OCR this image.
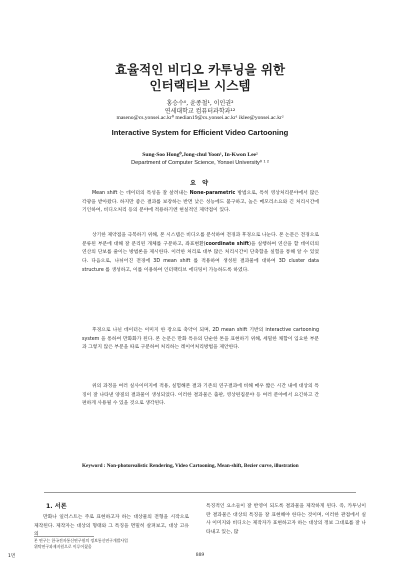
효율적인 비디오 카투닝을 위한
인터랙티브 시스템
홍승수⁰, 윤종철¹, 이인권²
연세대학교 컴퓨터과학과¹²
maseno@cs.yonsei.ac.kr⁰ median19@cs.yonsei.ac.kr¹ iklee@yonsei.ac.kr²
Interactive System for Efficient Video Cartooning
Sung-Soo Hong⁰,Jong-chul Yoon¹, In-Kwon Lee²
Department of Computer Science, Yonsei University⁰ ¹ ²
요 약

Mean shift 는 데이터의 특성을 잘 살려내는 None-parametric 방법으로, 특히 영상처리분야에서 많은 각광을 받아왔다. 하지만 좋은 결과를 보장하는 반면 낮은 성능에도 불구하고, 높은 메모리소요와 긴 처리시간에 기인하여, 비디오처리 등의 분야에 적용하기엔 현실적인 제약점이 있다.

상기한 제약점을 극복하기 위해, 본 시스템은 비디오를 분석하여 전경과 후경으로 나눈다. 본 논문은 전경으로 분류된 부분에 대해 잘 분리된 개체를 구분하고, 좌표변환(coordinate shift)을 실행하여 연산을 할 데이터의 연산의 단보를 줄이는 방법론을 제시한다. 이러한 처리로 대부 많은 처리시간이 단축함을 실험을 통해 알 수 있었다. 다음으로, 나뉘어진 전경에 3D mean shift 를 적용하여 생성된 결과물에 대하여 3D cluster data structure 를 생성하고, 이를 이용하여 인터랙티브 에디팅이 가능하도록 하였다.

후경으로 나뉜 데이터는 이미지 한 장으로 축약이 되며, 2D mean shift 기반의 interactive cartooning system 을 통하여 만화화가 된다. 본 논문은 만화 특유의 단순한 톤을 표현하기 위해, 세밀한 채합이 입요한 부분과 그렇지 않은 부분을 따로 구분하여 처리하는 레이어처리방법을 제안한다.

위의 과정을 여러 실사이미지에 적용, 실험해본 결과 기존의 연구결과에 비해 매우 짧은 시간 내에 대상의 특징이 잘 나타낸 양질의 결과물이 생성되었다. 이러한 결과물은 출판, 영상편집분야 등 여러 분야에서 요긴하고 간편하게 사용될 수 있을 것으로 생각된다.

Keyword : Non-photorealistic Rendering, Video Cartooning, Mean-shift, Bezier curve, illustration
1. 서론

만화나 일러스트는 주로 표현하고자 하는 대상물의 전형을 시작으로 제작된다. 제작자는 대상의 형태와 그 특징을 면밀히 살펴보고, 대상 고유의

특징적인 요소들이 잘 반영이 되도록 결과물을 제작하게 된다. 즉, 카투닝이란 결과물은 대상의 특징을 잘 표현해야 한다는 것이며, 이러한 관점에서 실사 이미지와 비디오는 제작자가 표현하고자 하는 대상의 정보 그대로를 잘 나타내고 있는, 많

본 연구는 한국전자통신연구원의 정보통신연구개발사업
위탁연구과제지원으로 이루어졌음
1면	889
